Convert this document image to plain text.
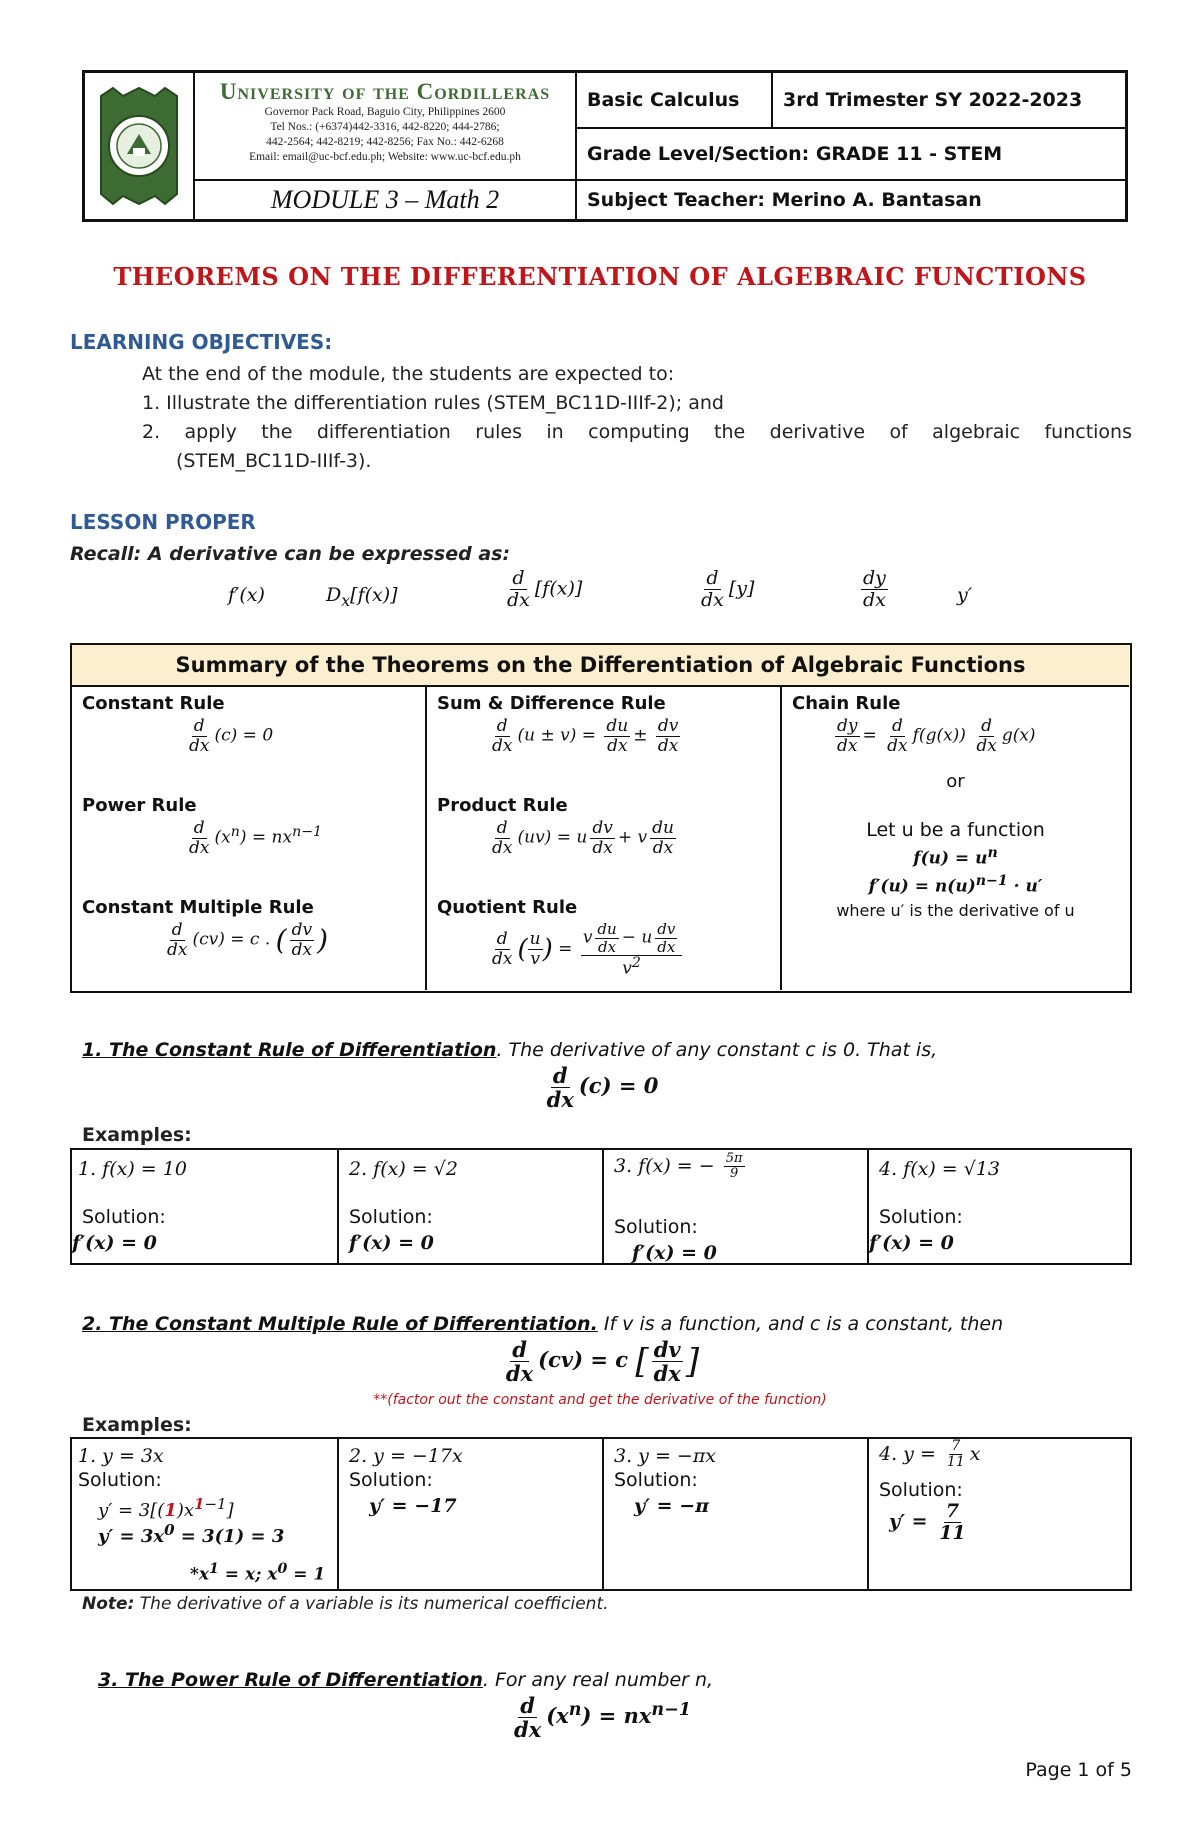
University of the Cordilleras
Governor Pack Road, Baguio City, Philippines 2600
Tel Nos.: (+6374)442-3316, 442-8220; 444-2786;
442-2564; 442-8219; 442-8256; Fax No.: 442-6268
Email: email@uc-bcf.edu.ph; Website: www.uc-bcf.edu.ph
MODULE 3 – Math 2
Basic Calculus	3rd Trimester SY 2022-2023
Grade Level/Section: GRADE 11 - STEM
Subject Teacher: Merino A. Bantasan
THEOREMS ON THE DIFFERENTIATION OF ALGEBRAIC FUNCTIONS
LEARNING OBJECTIVES:
At the end of the module, the students are expected to:
1. Illustrate the differentiation rules (STEM_BC11D-IIIf-2); and
2. apply the differentiation rules in computing the derivative of algebraic functions
(STEM_BC11D-IIIf-3).
LESSON PROPER
Recall: A derivative can be expressed as:
f′(x)	$D_x[f(x)]$	$\frac{d}{dx} [f(x)]$	$\frac{d}{dx} [y]$	$\frac{dy}{dx}$	y′
Summary of the Theorems on the Differentiation of Algebraic Functions
Constant Rule
$\frac{d}{dx} (c) = 0$
Power Rule
$\frac{d}{dx} (x^n) = nx^{n-1}$
Constant Multiple Rule
$\frac{d}{dx} (cv) = c$ . ( $\frac{dv}{dx}$ )
Sum & Difference Rule
$\frac{d}{dx} (u \pm v) = \frac{du}{dx} \pm \frac{dv}{dx}$
Product Rule
$\frac{d}{dx} (uv) = u \frac{dv}{dx} + v \frac{du}{dx}$
Quotient Rule
$\frac{d}{dx}$ ( $\frac{u}{v}$ ) = $\frac{v \frac{du}{dx} - u \frac{dv}{dx}}{v^2}$
Chain Rule
$\frac{dy}{dx} = \frac{d}{dx} f(g(x)) \frac{d}{dx} g(x)$
or
Let u be a function
$f(u) = u^n$
$f'(u) = n(u)^{n-1} \cdot u'$
where u′ is the derivative of u
1. The Constant Rule of Differentiation. The derivative of any constant c is 0. That is,
$\frac{d}{dx} (c) = 0$
Examples:
1. f(x) = 10
Solution:
f′(x) = 0
2. f(x) = √2
Solution:
f′(x) = 0
3. f(x) = − $\frac{5\pi}{9}$
Solution:
f′(x) = 0
4. f(x) = √13
Solution:
f′(x) = 0
2. The Constant Multiple Rule of Differentiation. If v is a function, and c is a constant, then
$\frac{d}{dx} (cv) = c$ [ $\frac{dv}{dx}$ ]
**(factor out the constant and get the derivative of the function)
Examples:
1. y = 3x
Solution:
$y' = 3[(1)x^{1-1}]$
$y' = 3x^0 = 3(1) = 3$
$*x^1 = x$; $x^0 = 1$
2. y = −17x
Solution:
y′ = −17
3. y = −πx
Solution:
y′ = −π
4. $y = \frac{7}{11}$ x
Solution:
$y' = \frac{7}{11}$
Note: The derivative of a variable is its numerical coefficient.
3. The Power Rule of Differentiation. For any real number n,
$\frac{d}{dx} (x^n) = nx^{n-1}$
Page 1 of 5
